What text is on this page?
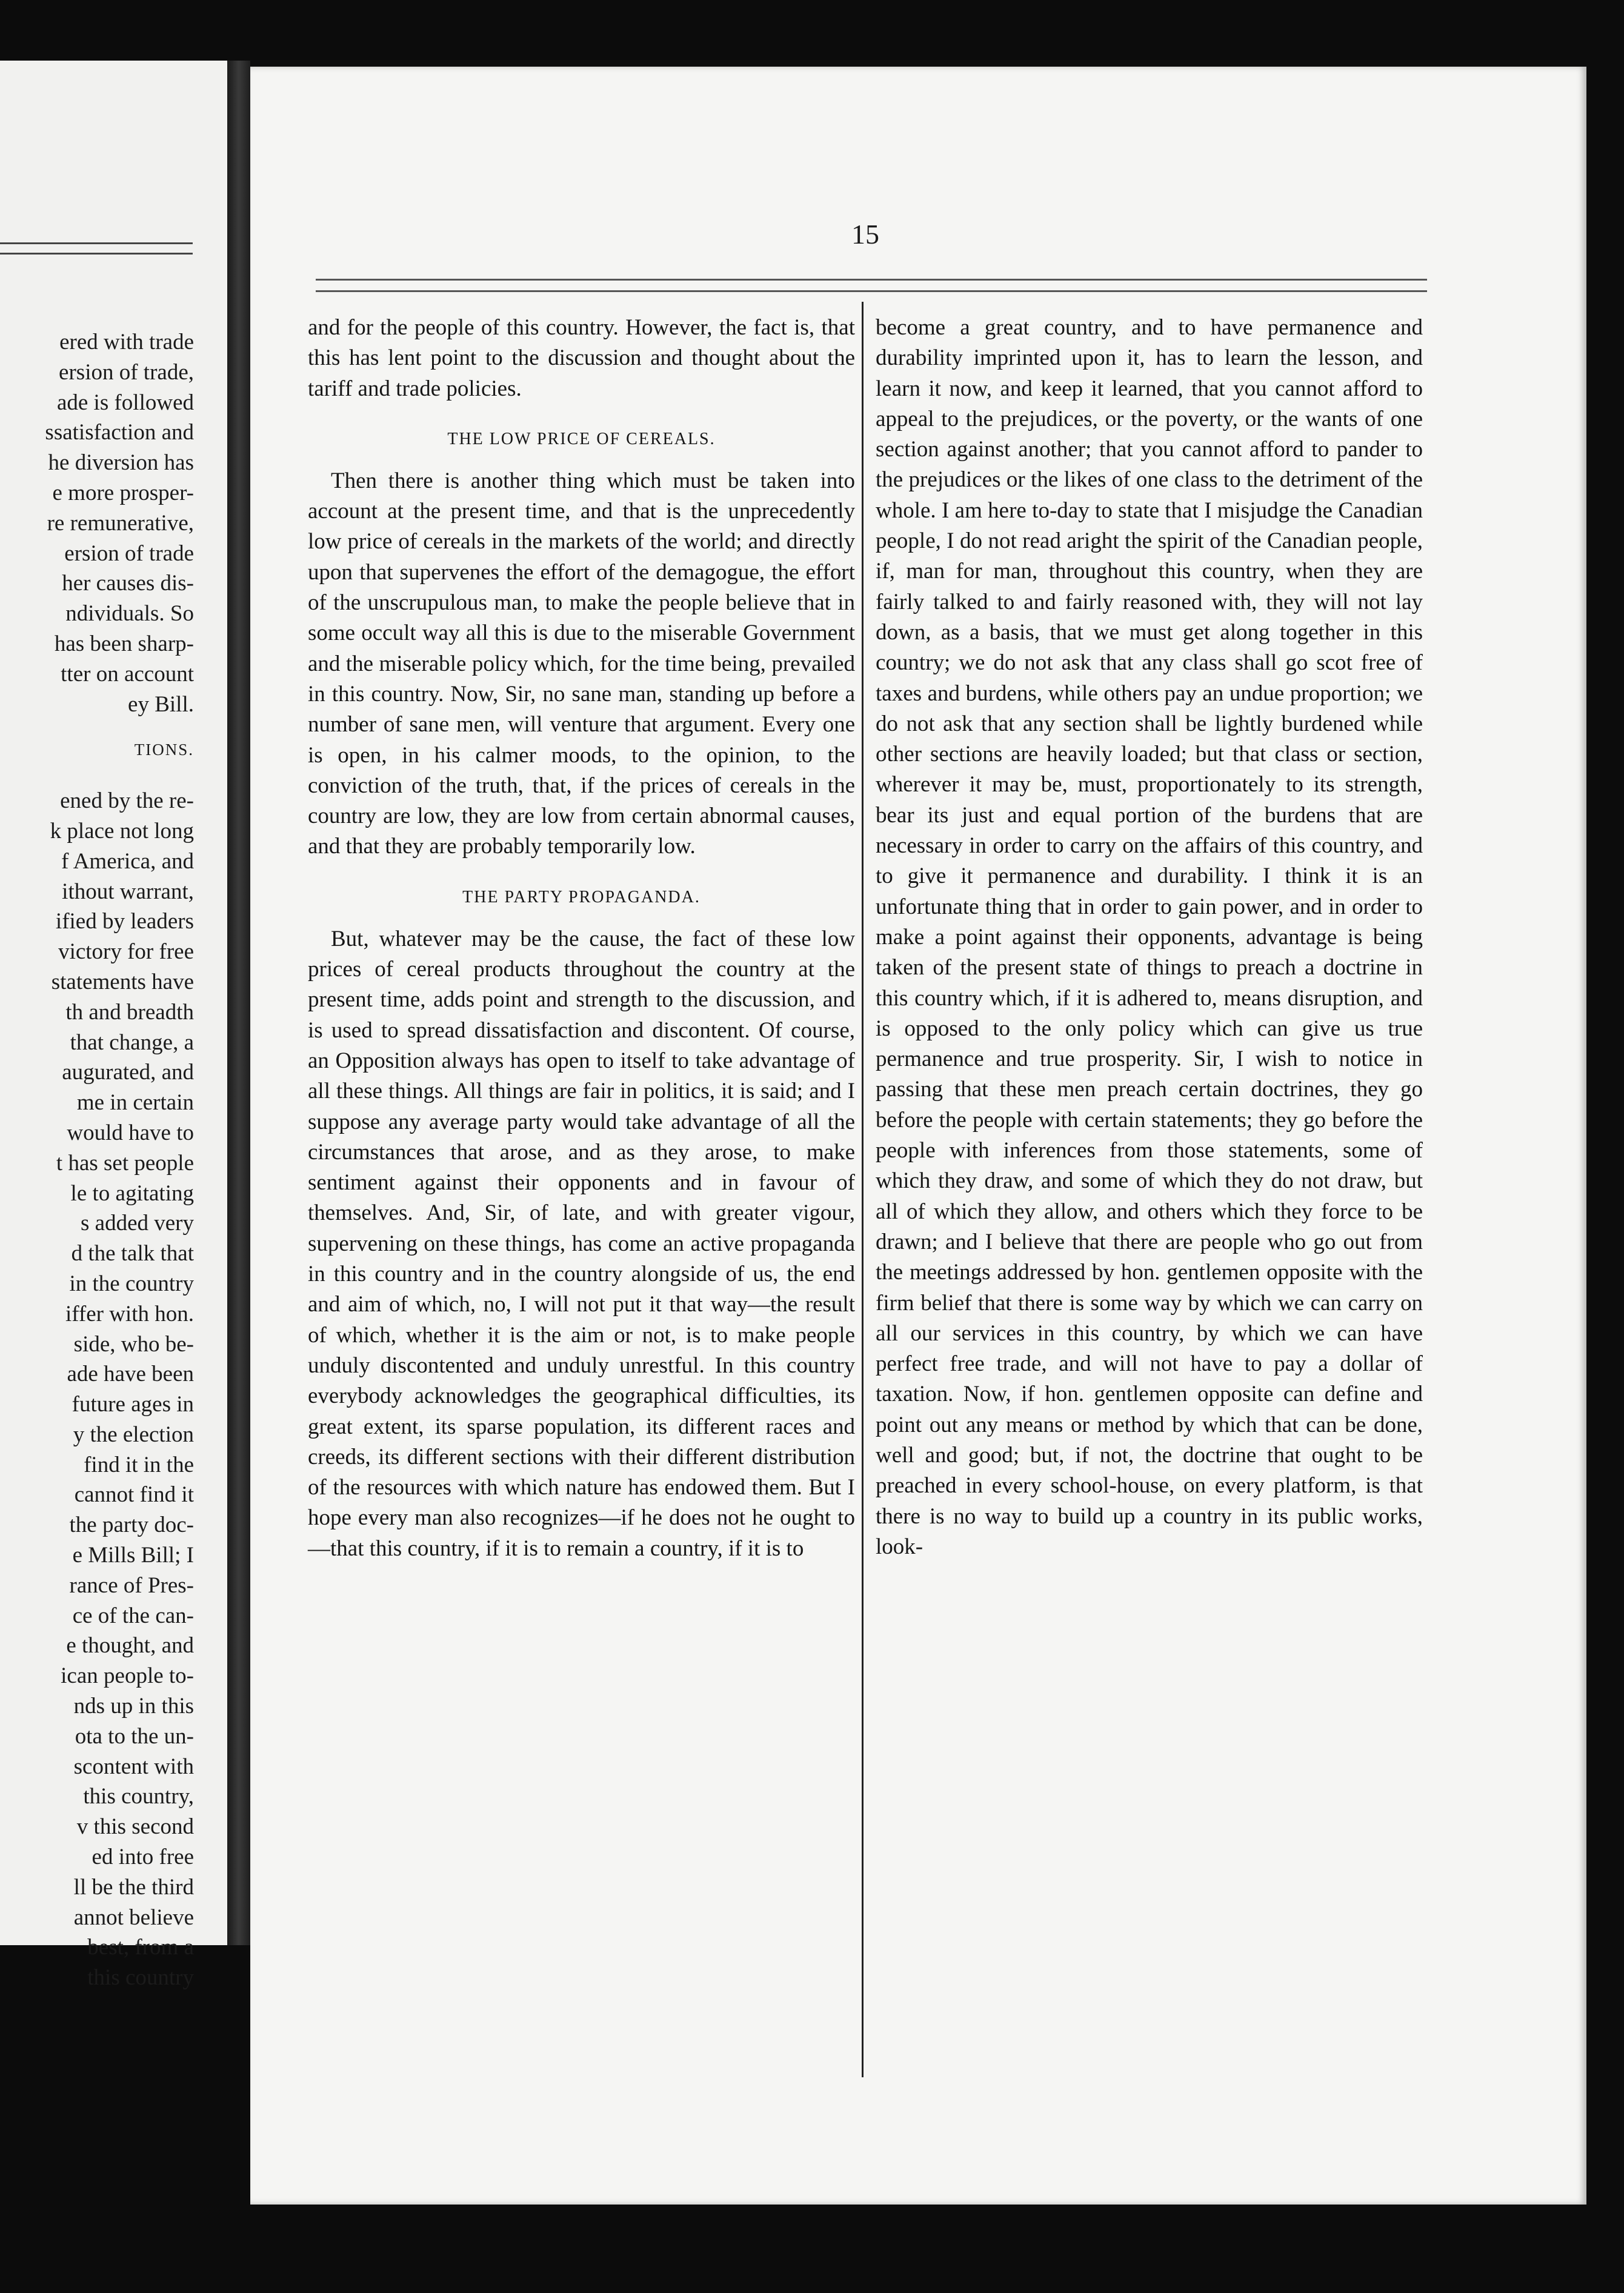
ered with trade
ersion of trade,
ade is followed
ssatisfaction and
he diversion has
e more prosper-
re remunerative,
ersion of trade
her causes dis-
ndividuals. So
has been sharp-
tter on account
ey Bill.
TIONS.
ened by the re-
k place not long
f America, and
ithout warrant,
ified by leaders
victory for free
statements have
th and breadth
that change, a
augurated, and
me in certain
would have to
t has set people
le to agitating
s added very
d the talk that
in the country
iffer with hon.
side, who be-
ade have been
future ages in
y the election
find it in the
cannot find it
the party doc-
e Mills Bill; I
rance of Pres-
ce of the can-
e thought, and
ican people to-
nds up in this
ota to the un-
scontent with
this country,
v this second
ed into free
ll be the third
annot believe
best, from a
this country
15

and for the people of this country. However, the fact is, that this has lent point to the discussion and thought about the tariff and trade policies.

THE LOW PRICE OF CEREALS.

Then there is another thing which must be taken into account at the present time, and that is the unprecedently low price of cereals in the markets of the world; and directly upon that supervenes the effort of the demagogue, the effort of the unscrupulous man, to make the people believe that in some occult way all this is due to the miserable Government and the miserable policy which, for the time being, prevailed in this country. Now, Sir, no sane man, standing up before a number of sane men, will venture that argument. Every one is open, in his calmer moods, to the opinion, to the conviction of the truth, that, if the prices of cereals in the country are low, they are low from certain abnormal causes, and that they are probably temporarily low.

THE PARTY PROPAGANDA.

But, whatever may be the cause, the fact of these low prices of cereal products throughout the country at the present time, adds point and strength to the discussion, and is used to spread dissatisfaction and discontent. Of course, an Opposition always has open to itself to take advantage of all these things. All things are fair in politics, it is said; and I suppose any average party would take advantage of all the circumstances that arose, and as they arose, to make sentiment against their opponents and in favour of themselves. And, Sir, of late, and with greater vigour, supervening on these things, has come an active propaganda in this country and in the country alongside of us, the end and aim of which, no, I will not put it that way—the result of which, whether it is the aim or not, is to make people unduly discontented and unduly unrestful. In this country everybody acknowledges the geographical difficulties, its great extent, its sparse population, its different races and creeds, its different sections with their different distribution of the resources with which nature has endowed them. But I hope every man also recognizes—if he does not he ought to—that this country, if it is to remain a country, if it is to

become a great country, and to have permanence and durability imprinted upon it, has to learn the lesson, and learn it now, and keep it learned, that you cannot afford to appeal to the prejudices, or the poverty, or the wants of one section against another; that you cannot afford to pander to the prejudices or the likes of one class to the detriment of the whole. I am here to-day to state that I misjudge the Canadian people, I do not read aright the spirit of the Canadian people, if, man for man, throughout this country, when they are fairly talked to and fairly reasoned with, they will not lay down, as a basis, that we must get along together in this country; we do not ask that any class shall go scot free of taxes and burdens, while others pay an undue proportion; we do not ask that any section shall be lightly burdened while other sections are heavily loaded; but that class or section, wherever it may be, must, proportionately to its strength, bear its just and equal portion of the burdens that are necessary in order to carry on the affairs of this country, and to give it permanence and durability. I think it is an unfortunate thing that in order to gain power, and in order to make a point against their opponents, advantage is being taken of the present state of things to preach a doctrine in this country which, if it is adhered to, means disruption, and is opposed to the only policy which can give us true permanence and true prosperity. Sir, I wish to notice in passing that these men preach certain doctrines, they go before the people with certain statements; they go before the people with inferences from those statements, some of which they draw, and some of which they do not draw, but all of which they allow, and others which they force to be drawn; and I believe that there are people who go out from the meetings addressed by hon. gentlemen opposite with the firm belief that there is some way by which we can carry on all our services in this country, by which we can have perfect free trade, and will not have to pay a dollar of taxation. Now, if hon. gentlemen opposite can define and point out any means or method by which that can be done, well and good; but, if not, the doctrine that ought to be preached in every school-house, on every platform, is that there is no way to build up a country in its public works, look-
